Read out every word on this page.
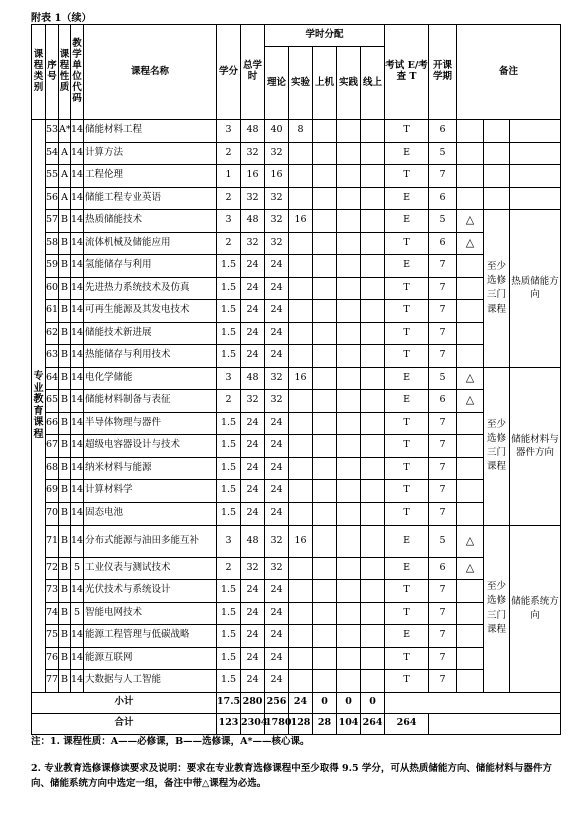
附表 1（续）
课程类别	序号	课程性质	教学单位代码	课程名称	学分	总学时	学时分配					考试 E/考查 T	开课学期	备注		
							理论	实验	上机	实践	线上					
专业教育课程	53	A*	14	储能材料工程	3	48	40	8				T	6			
	54	A	14	计算方法	2	32	32					E	5			
	55	A	14	工程伦理	1	16	16					T	7			
	56	A	14	储能工程专业英语	2	32	32					E	6			
	57	B	14	热质储能技术	3	48	32	16				E	5	△	至少选修三门课程	热质储能方向
	58	B	14	流体机械及储能应用	2	32	32					T	6	△		
	59	B	14	氢能储存与利用	1.5	24	24					E	7			
	60	B	14	先进热力系统技术及仿真	1.5	24	24					T	7			
	61	B	14	可再生能源及其发电技术	1.5	24	24					T	7			
	62	B	14	储能技术新进展	1.5	24	24					T	7			
	63	B	14	热能储存与利用技术	1.5	24	24					T	7			
	64	B	14	电化学储能	3	48	32	16				E	5	△	至少选修三门课程	储能材料与器件方向
	65	B	14	储能材料制备与表征	2	32	32					E	6	△		
	66	B	14	半导体物理与器件	1.5	24	24					T	7			
	67	B	14	超级电容器设计与技术	1.5	24	24					T	7			
	68	B	14	纳米材料与能源	1.5	24	24					T	7			
	69	B	14	计算材料学	1.5	24	24					T	7			
	70	B	14	固态电池	1.5	24	24					T	7			
	71	B	14	分布式能源与油田多能互补	3	48	32	16				E	5	△	至少选修三门课程	储能系统方向
	72	B	5	工业仪表与测试技术	2	32	32					E	6	△		
	73	B	14	光伏技术与系统设计	1.5	24	24					T	7			
	74	B	5	智能电网技术	1.5	24	24					T	7			
	75	B	14	能源工程管理与低碳战略	1.5	24	24					E	7			
	76	B	14	能源互联网	1.5	24	24					T	7			
	77	B	14	大数据与人工智能	1.5	24	24					T	7			
小计					17.5	280	256	24	0	0	0					
合计					123	2304	1780	128	28	104	264	264				

注：1. 课程性质：A——必修课，B——选修课，A*——核心课。

2. 专业教育选修课修读要求及说明：要求在专业教育选修课程中至少取得 9.5 学分，可从热质储能方向、储能材料与器件方向、储能系统方向中选定一组，备注中带△课程为必选。
